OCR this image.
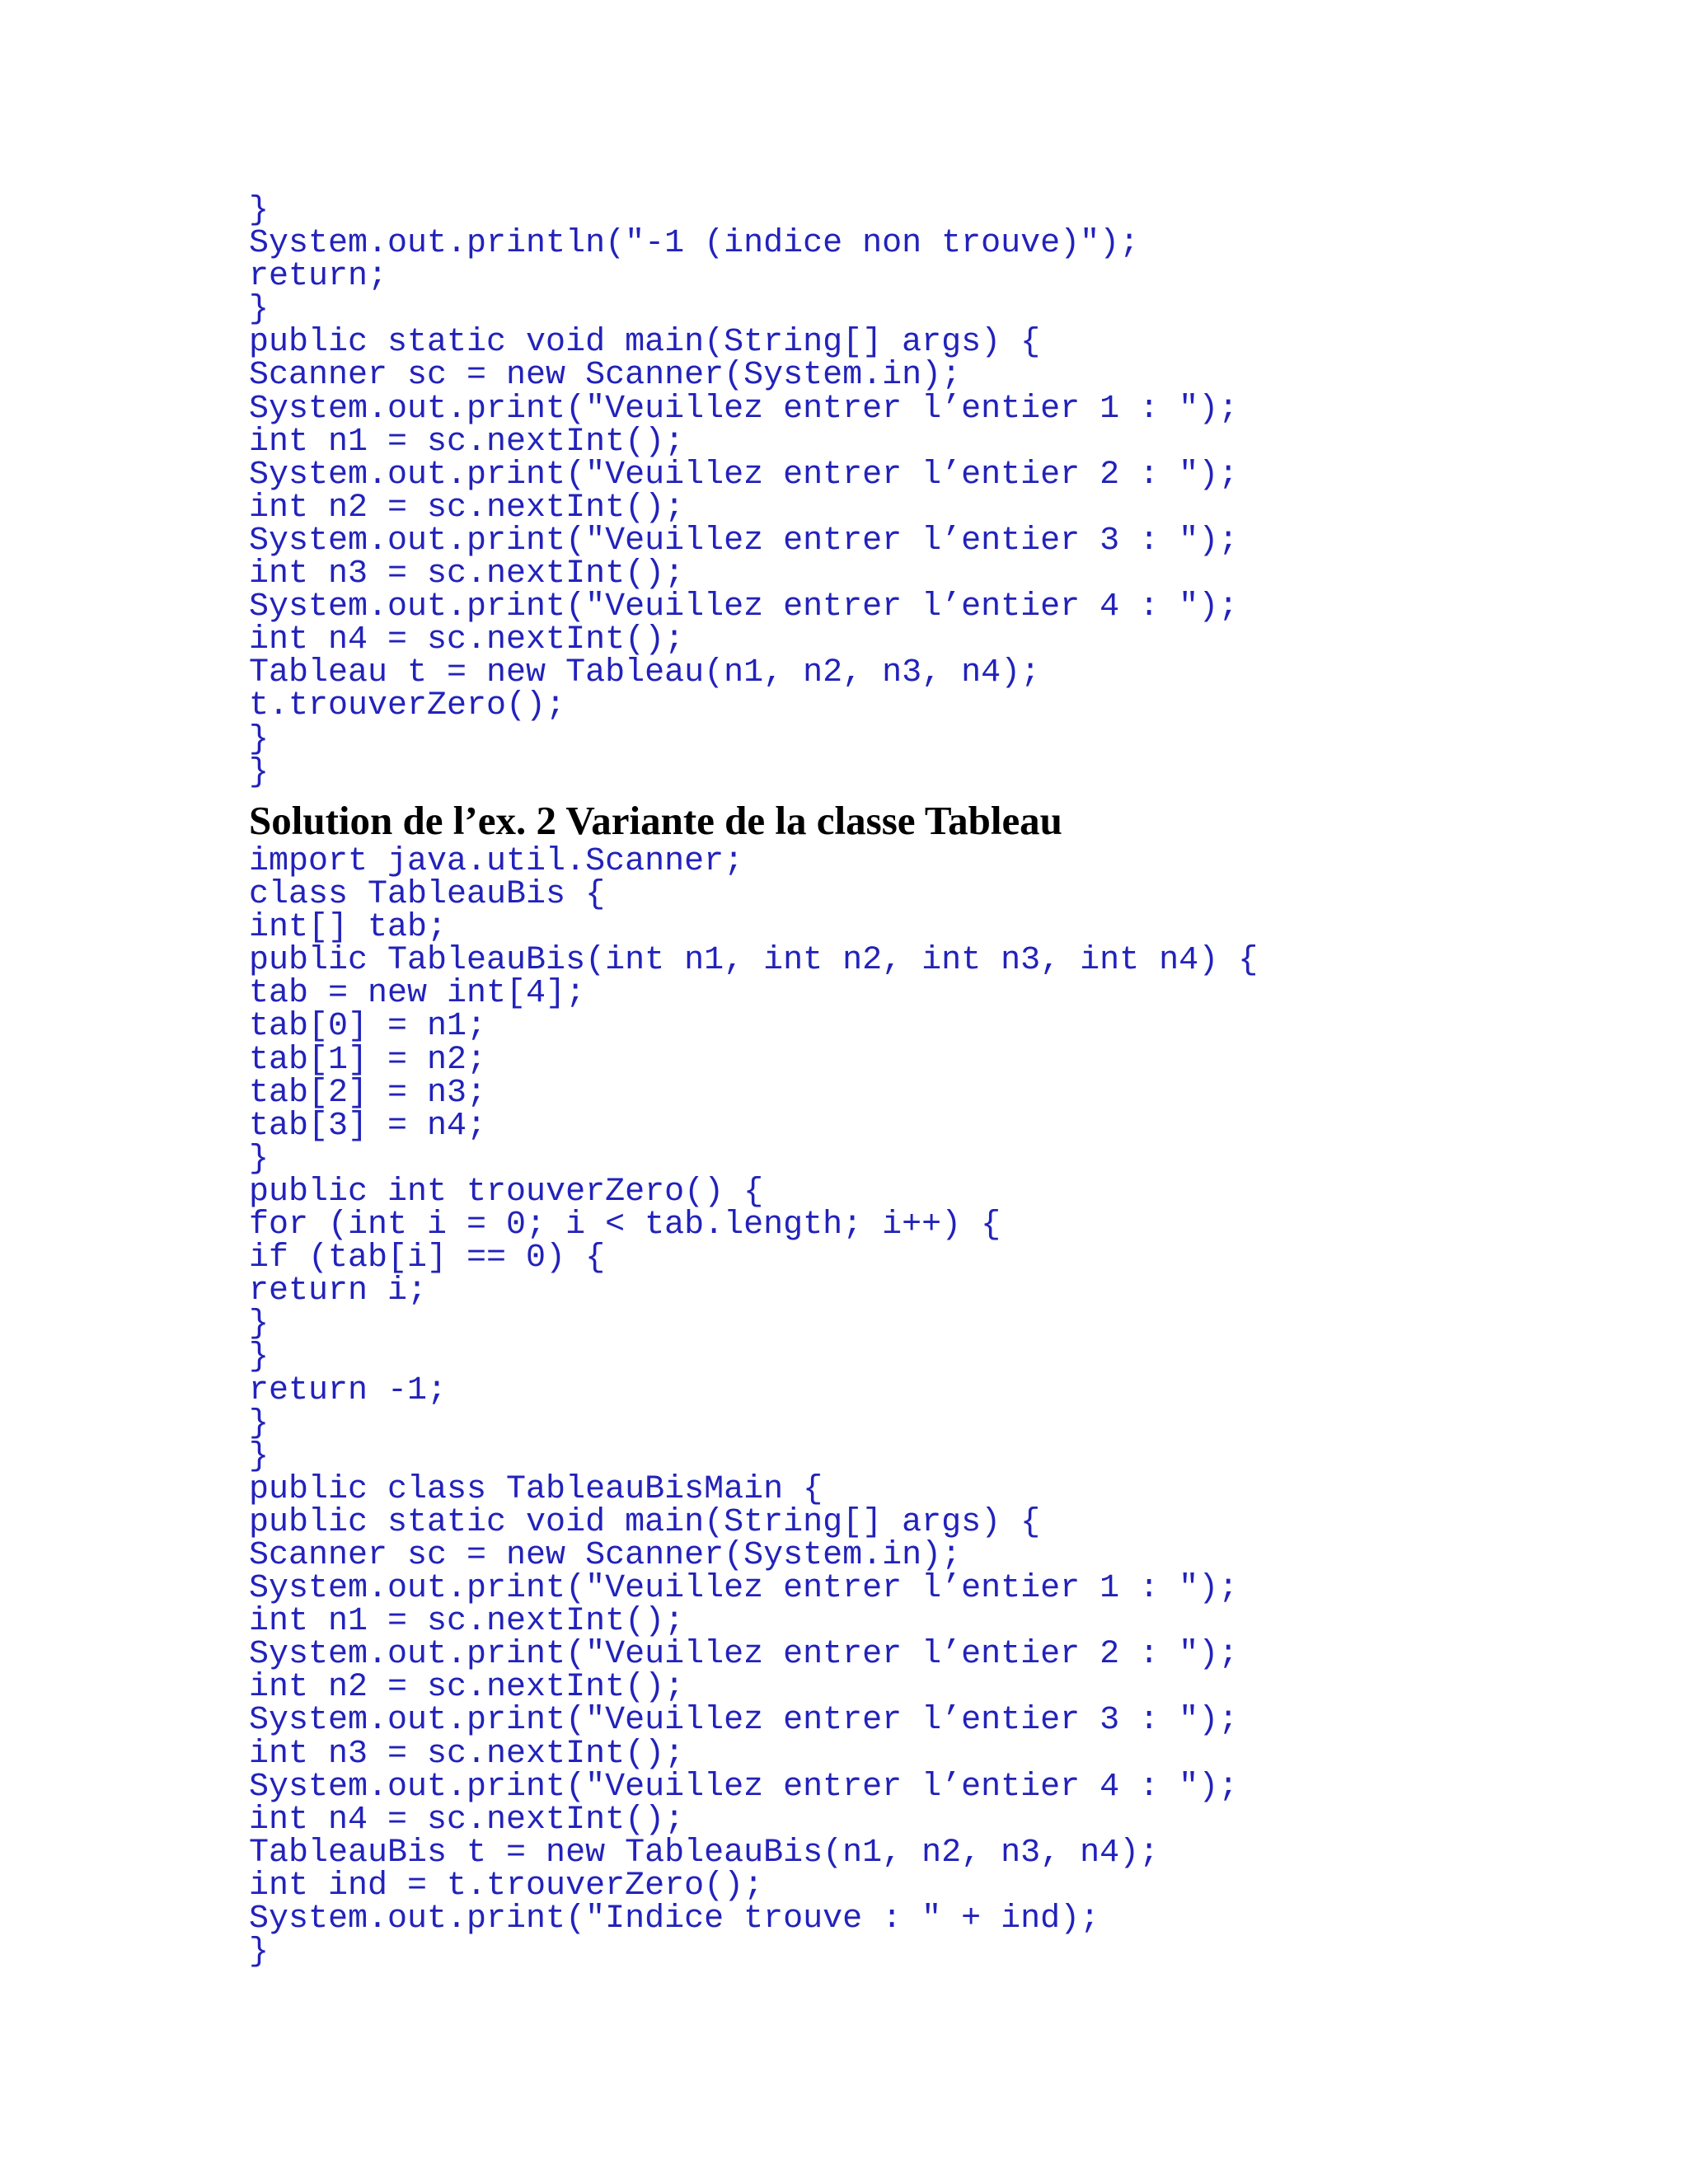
}
System.out.println("-1 (indice non trouve)");
return;
}
public static void main(String[] args) {
Scanner sc = new Scanner(System.in);
System.out.print("Veuillez entrer l’entier 1 : ");
int n1 = sc.nextInt();
System.out.print("Veuillez entrer l’entier 2 : ");
int n2 = sc.nextInt();
System.out.print("Veuillez entrer l’entier 3 : ");
int n3 = sc.nextInt();
System.out.print("Veuillez entrer l’entier 4 : ");
int n4 = sc.nextInt();
Tableau t = new Tableau(n1, n2, n3, n4);
t.trouverZero();
}
}
Solution de l’ex. 2 Variante de la classe Tableau
import java.util.Scanner;
class TableauBis {
int[] tab;
public TableauBis(int n1, int n2, int n3, int n4) {
tab = new int[4];
tab[0] = n1;
tab[1] = n2;
tab[2] = n3;
tab[3] = n4;
}
public int trouverZero() {
for (int i = 0; i < tab.length; i++) {
if (tab[i] == 0) {
return i;
}
}
return -1;
}
}
public class TableauBisMain {
public static void main(String[] args) {
Scanner sc = new Scanner(System.in);
System.out.print("Veuillez entrer l’entier 1 : ");
int n1 = sc.nextInt();
System.out.print("Veuillez entrer l’entier 2 : ");
int n2 = sc.nextInt();
System.out.print("Veuillez entrer l’entier 3 : ");
int n3 = sc.nextInt();
System.out.print("Veuillez entrer l’entier 4 : ");
int n4 = sc.nextInt();
TableauBis t = new TableauBis(n1, n2, n3, n4);
int ind = t.trouverZero();
System.out.print("Indice trouve : " + ind);
}
